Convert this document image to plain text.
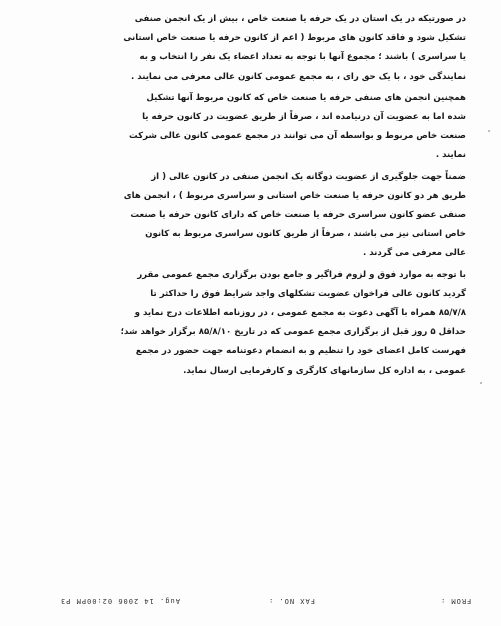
در صورتیکه در یک استان در یک حرفه یا صنعت خاص ، بیش از یک انجمن صنفی
تشکیل شود و فاقد کانون های مربوط ( اعم از کانون حرفه یا صنعت خاص استانی
یا سراسری ) باشند ؛ مجموع آنها با توجه به تعداد اعضاء یک نفر را انتخاب و به
نمایندگی خود ، با یک حق رای ، به مجمع عمومی کانون عالی معرفی می نمایند .
همچنین انجمن های صنفی حرفه یا صنعت خاص که کانون مربوط آنها تشکیل
شده اما به عضویت آن درنیامده اند ، صرفاً از طریق عضویت در کانون حرفه یا
صنعت خاص مربوط و بواسطه آن می توانند در مجمع عمومی کانون عالی شرکت
نمایند .
ضمناً جهت جلوگیری از عضویت دوگانه یک انجمن صنفی در کانون عالی ( از
طریق هر دو کانون حرفه یا صنعت خاص استانی و سراسری مربوط ) ، انجمن های
صنفی عضو کانون سراسری حرفه یا صنعت خاص که دارای کانون حرفه یا صنعت
خاص استانی نیز می باشند ، صرفاً از طریق کانون سراسری مربوط به کانون
عالی معرفی می گردند .
با توجه به موارد فوق و لزوم فراگیر و جامع بودن برگزاری مجمع عمومی مقرر
گردید کانون عالی فراخوان عضویت تشکلهای واجد شرایط فوق را حداکثر تا
۸۵/۷/۸ همراه با آگهی دعوت به مجمع عمومی ، در روزنامه اطلاعات درج نماید و
حداقل ۵ روز قبل از برگزاری مجمع عمومی که در تاریخ ۸۵/۸/۱۰ برگزار خواهد شد؛
فهرست کامل اعضای خود را تنظیم و به انضمام دعوتنامه جهت حضور در مجمع
عمومی ، به اداره کل سازمانهای کارگری و کارفرمایی ارسال نماید.
FROM :
FAX NO. :
Aug. 14 2006 02:00PM P3
